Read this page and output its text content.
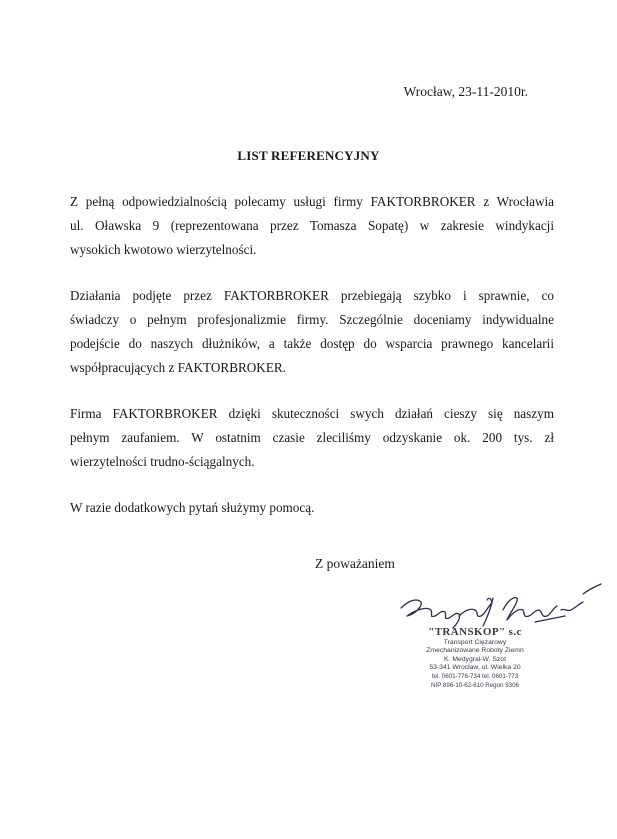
Wrocław, 23-11-2010r.
LIST REFERENCYJNY

Z pełną odpowiedzialnością polecamy usługi firmy FAKTORBROKER z Wrocławia
ul. Oławska 9 (reprezentowana przez Tomasza Sopatę) w zakresie windykacji
wysokich kwotowo wierzytelności.

Działania podjęte przez FAKTORBROKER przebiegają szybko i sprawnie, co
świadczy o pełnym profesjonalizmie firmy. Szczególnie doceniamy indywidualne
podejście do naszych dłużników, a także dostęp do wsparcia prawnego kancelarii
współpracujących z FAKTORBROKER.

Firma FAKTORBROKER dzięki skuteczności swych działań cieszy się naszym
pełnym zaufaniem. W ostatnim czasie zleciliśmy odzyskanie ok. 200 tys. zł
wierzytelności trudno-ściągalnych.

W razie dodatkowych pytań służymy pomocą.

Z poważaniem
"TRANSKOP" s.c
Transport Ciężarowy
Zmechanizowane Roboty Ziemn
K. Medygral-W. Szot
53-341 Wrocław, ul. Wielka 20
tel. 0601-776-734 tel. 0601-773
NIP 896-10-62-610 Regon 9306
